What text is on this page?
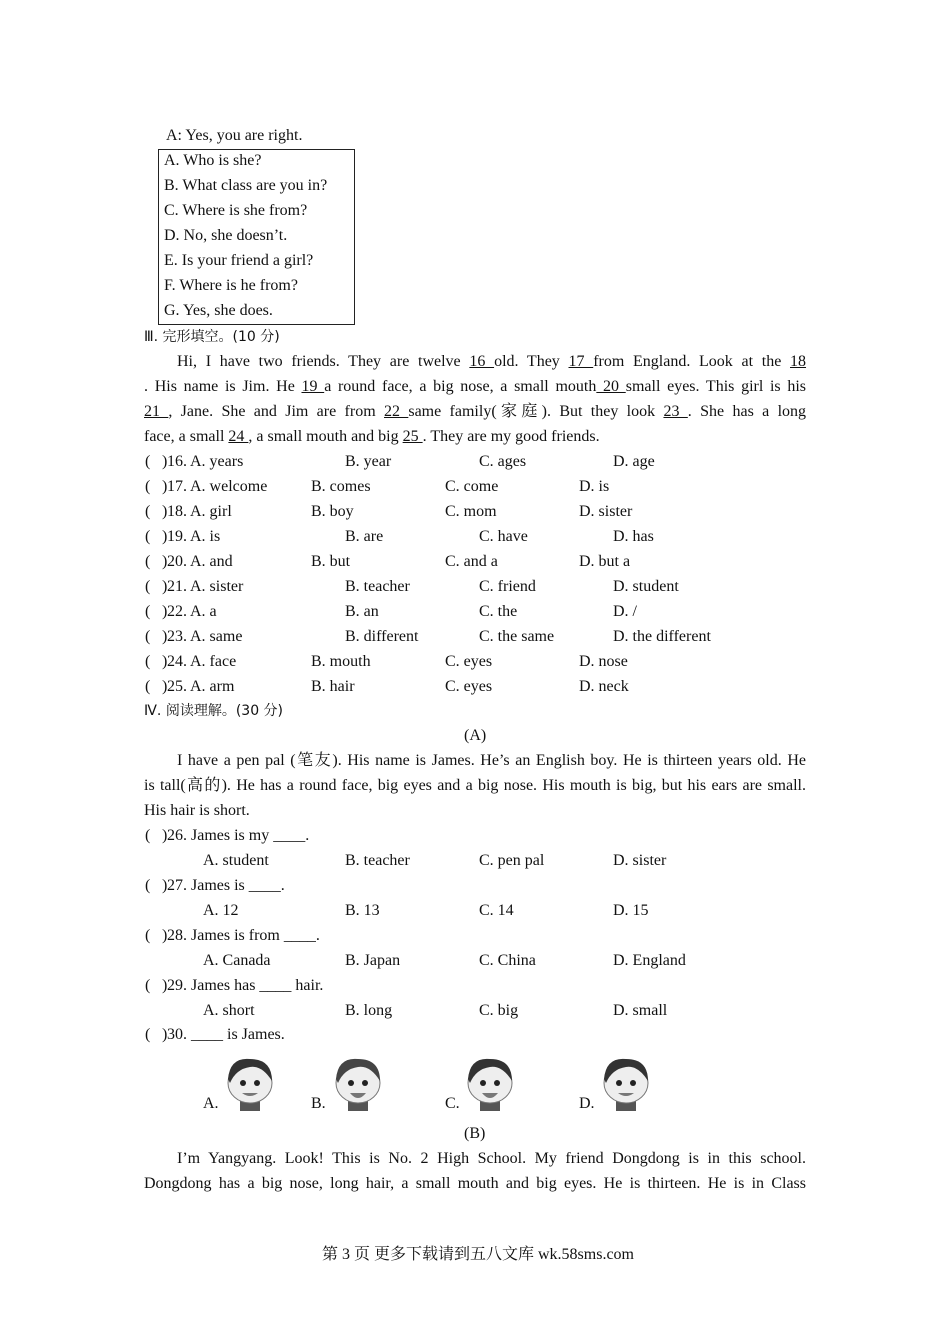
A: Yes, you are right.
A. Who is she?
B. What class are you in?
C. Where is she from?
D. No, she doesn’t.
E. Is your friend a girl?
F. Where is he from?
G. Yes, she does.
Ⅲ. 完形填空。(10 分)
Hi, I have two friends. They are twelve 16 old. They 17 from England. Look at the 18
. His name is Jim. He 19 a round face, a big nose, a small mouth 20 small eyes. This girl is his
21 , Jane. She and Jim are from 22 same family(家庭). But they look 23 . She has a long
face, a small 24 , a small mouth and big 25 . They are my good friends.
( ) 16. A. years	B. year	C. ages	D. age
( ) 17. A. welcome	B. comes	C. come	D. is
( ) 18. A. girl	B. boy	C. mom	D. sister
( ) 19. A. is	B. are	C. have	D. has
( ) 20. A. and	B. but	C. and a	D. but a
( ) 21. A. sister	B. teacher	C. friend	D. student
( ) 22. A. a	B. an	C. the	D. /
( ) 23. A. same	B. different	C. the same	D. the different
( ) 24. A. face	B. mouth	C. eyes	D. nose
( ) 25. A. arm	B. hair	C. eyes	D. neck
Ⅳ. 阅读理解。(30 分)
(A)
I have a pen pal (笔友). His name is James. He’s an English boy. He is thirteen years old. He
is tall(高的). He has a round face, big eyes and a big nose. His mouth is big, but his ears are small.
His hair is short.
( ) 26. James is my ____.
A. student	B. teacher	C. pen pal	D. sister
( ) 27. James is ____.
A. 12	B. 13	C. 14	D. 15
( ) 28. James is from ____.
A. Canada	B. Japan	C. China	D. England
( ) 29. James has ____ hair.
A. short	B. long	C. big	D. small
( ) 30. ____ is James.
A.	B.	C.	D.
(B)
I’m Yangyang. Look! This is No. 2 High School. My friend Dongdong is in this school.
Dongdong has a big nose, long hair, a small mouth and big eyes. He is thirteen. He is in Class
第 3 页 更多下载请到五八文库 wk.58sms.com
